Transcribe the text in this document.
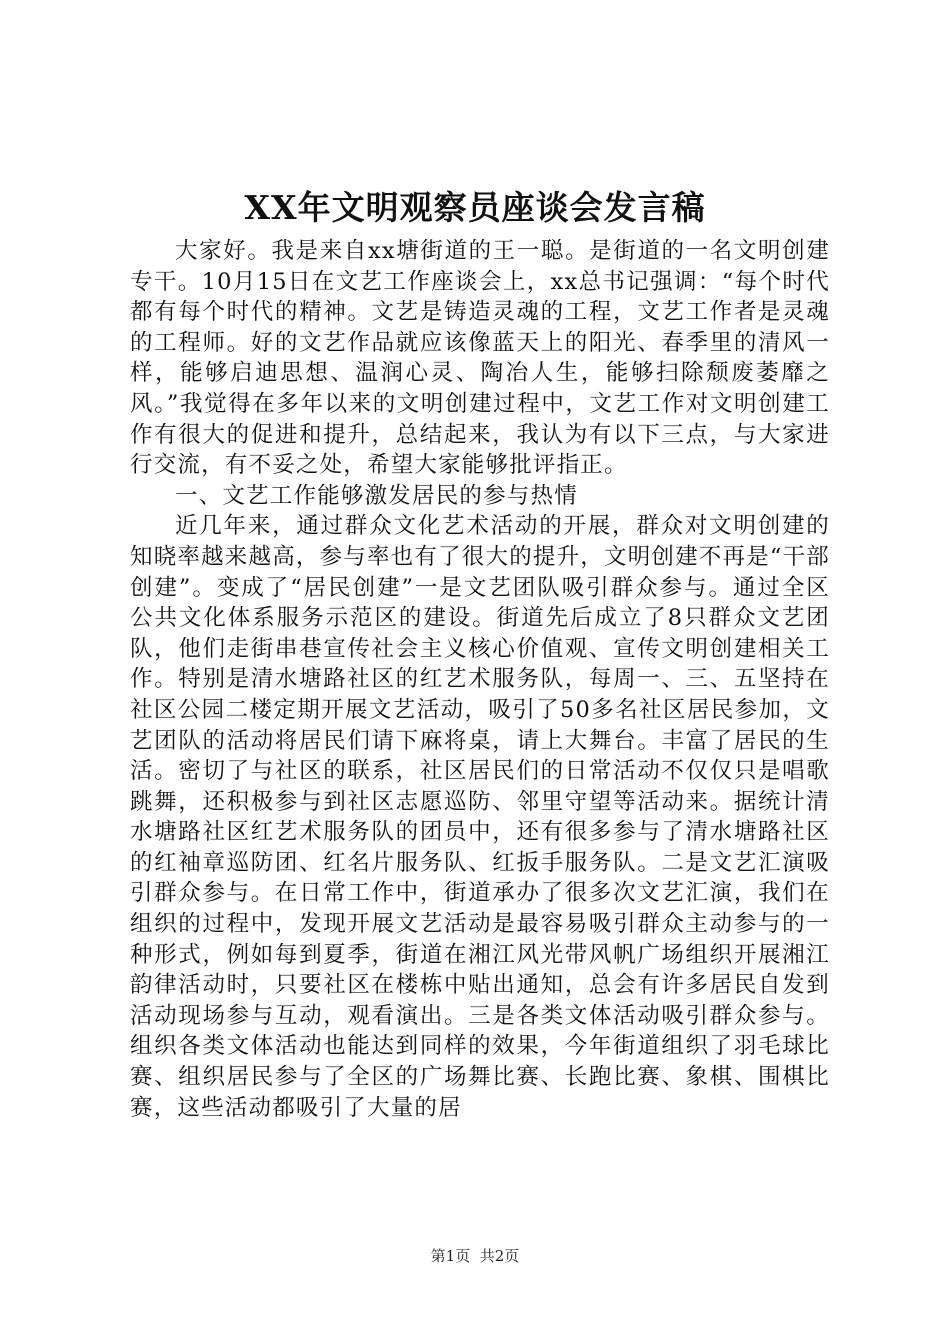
XX年文明观察员座谈会发言稿

大家好。我是来自xx塘街道的王一聪。是街道的一名文明创建专干。10月15日在文艺工作座谈会上，xx总书记强调：“每个时代都有每个时代的精神。文艺是铸造灵魂的工程，文艺工作者是灵魂的工程师。好的文艺作品就应该像蓝天上的阳光、春季里的清风一样，能够启迪思想、温润心灵、陶冶人生，能够扫除颓废萎靡之风。”我觉得在多年以来的文明创建过程中，文艺工作对文明创建工作有很大的促进和提升，总结起来，我认为有以下三点，与大家进行交流，有不妥之处，希望大家能够批评指正。

一、文艺工作能够激发居民的参与热情

近几年来，通过群众文化艺术活动的开展，群众对文明创建的知晓率越来越高，参与率也有了很大的提升，文明创建不再是“干部创建”。变成了“居民创建”一是文艺团队吸引群众参与。通过全区公共文化体系服务示范区的建设。街道先后成立了8只群众文艺团队，他们走街串巷宣传社会主义核心价值观、宣传文明创建相关工作。特别是清水塘路社区的红艺术服务队，每周一、三、五坚持在社区公园二楼定期开展文艺活动，吸引了50多名社区居民参加，文艺团队的活动将居民们请下麻将桌，请上大舞台。丰富了居民的生活。密切了与社区的联系，社区居民们的日常活动不仅仅只是唱歌跳舞，还积极参与到社区志愿巡防、邻里守望等活动来。据统计清水塘路社区红艺术服务队的团员中，还有很多参与了清水塘路社区的红袖章巡防团、红名片服务队、红扳手服务队。二是文艺汇演吸引群众参与。在日常工作中，街道承办了很多次文艺汇演，我们在组织的过程中，发现开展文艺活动是最容易吸引群众主动参与的一种形式，例如每到夏季，街道在湘江风光带风帆广场组织开展湘江韵律活动时，只要社区在楼栋中贴出通知，总会有许多居民自发到活动现场参与互动，观看演出。三是各类文体活动吸引群众参与。组织各类文体活动也能达到同样的效果，今年街道组织了羽毛球比赛、组织居民参与了全区的广场舞比赛、长跑比赛、象棋、围棋比赛，这些活动都吸引了大量的居

第1页 共2页
